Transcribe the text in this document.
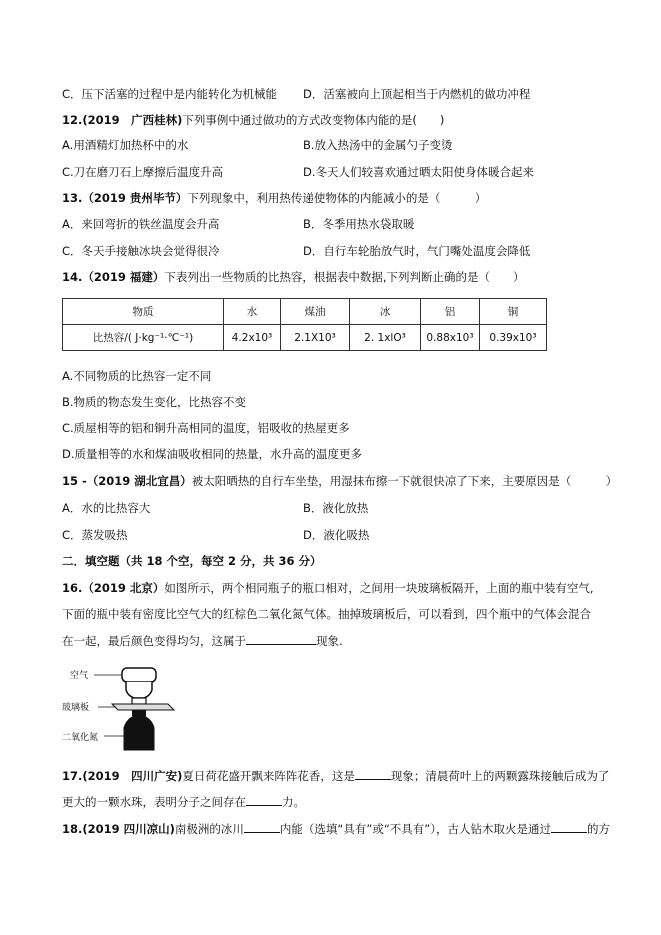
C．压下活塞的过程中是内能转化为机械能 D．活塞被向上顶起相当于内燃机的做功冲程
12.(2019　广西桂林)下列事例中通过做功的方式改变物体内能的是(　　)
A.用酒精灯加热杯中的水	B.放入热汤中的金属勺子变烫
C.刀在磨刀石上摩擦后温度升高	D.冬天人们较喜欢通过晒太阳使身体暖合起来
13.（2019 贵州毕节）下列现象中，利用热传递使物体的内能减小的是（　　　）
A．来回弯折的铁丝温度会升高	B．冬季用热水袋取暖
C．冬天手接触冰块会觉得很冷	D．自行车轮胎放气时，气门嘴处温度会降低
14.（2019 福建）下表列出一些物质的比热容，根据表中数据,下列判断止确的是（　　）
物质	水	煤油	冰	铝	铜
比热容/( J·kg⁻¹·℃⁻¹)	4.2x10³	2.1X10³	2. 1xlO³	0.88x10³	0.39x10³
A.不同物质的比热容一定不同
B.物质的物态发生变化，比热容不变
C.质屋相等的铝和铜升高相同的温度，铝吸收的热屋更多
D.质量相等的水和煤油吸收相同的热量，水升高的温度更多
15 -（2019 湖北宜昌）被太阳晒热的自行车坐垫，用湿抹布擦一下就很快凉了下来，主要原因是（　　　）
A．水的比热容大	B．液化放热
C．蒸发吸热	D．液化吸热
二．填空题（共 18 个空，每空 2 分，共 36 分）
16.（2019 北京）如图所示，两个相同瓶子的瓶口相对，之间用一块玻璃板隔开，上面的瓶中装有空气,
下面的瓶中装有密度比空气大的红棕色二氧化氮气体。抽掉玻璃板后，可以看到，四个瓶中的气体会混合
在一起，最后颜色变得均匀，这属于	现象.
空气
玻璃板
二氧化氮
17.(2019　四川广安)夏日荷花盛开飘来阵阵花香，这是	现象；清晨荷叶上的两颗露珠接触后成为了
更大的一颗水珠，表明分子之间存在	力。
18.(2019 四川凉山)南极洲的冰川	内能（选填“具有”或“不具有”），古人钻木取火是通过	的方
